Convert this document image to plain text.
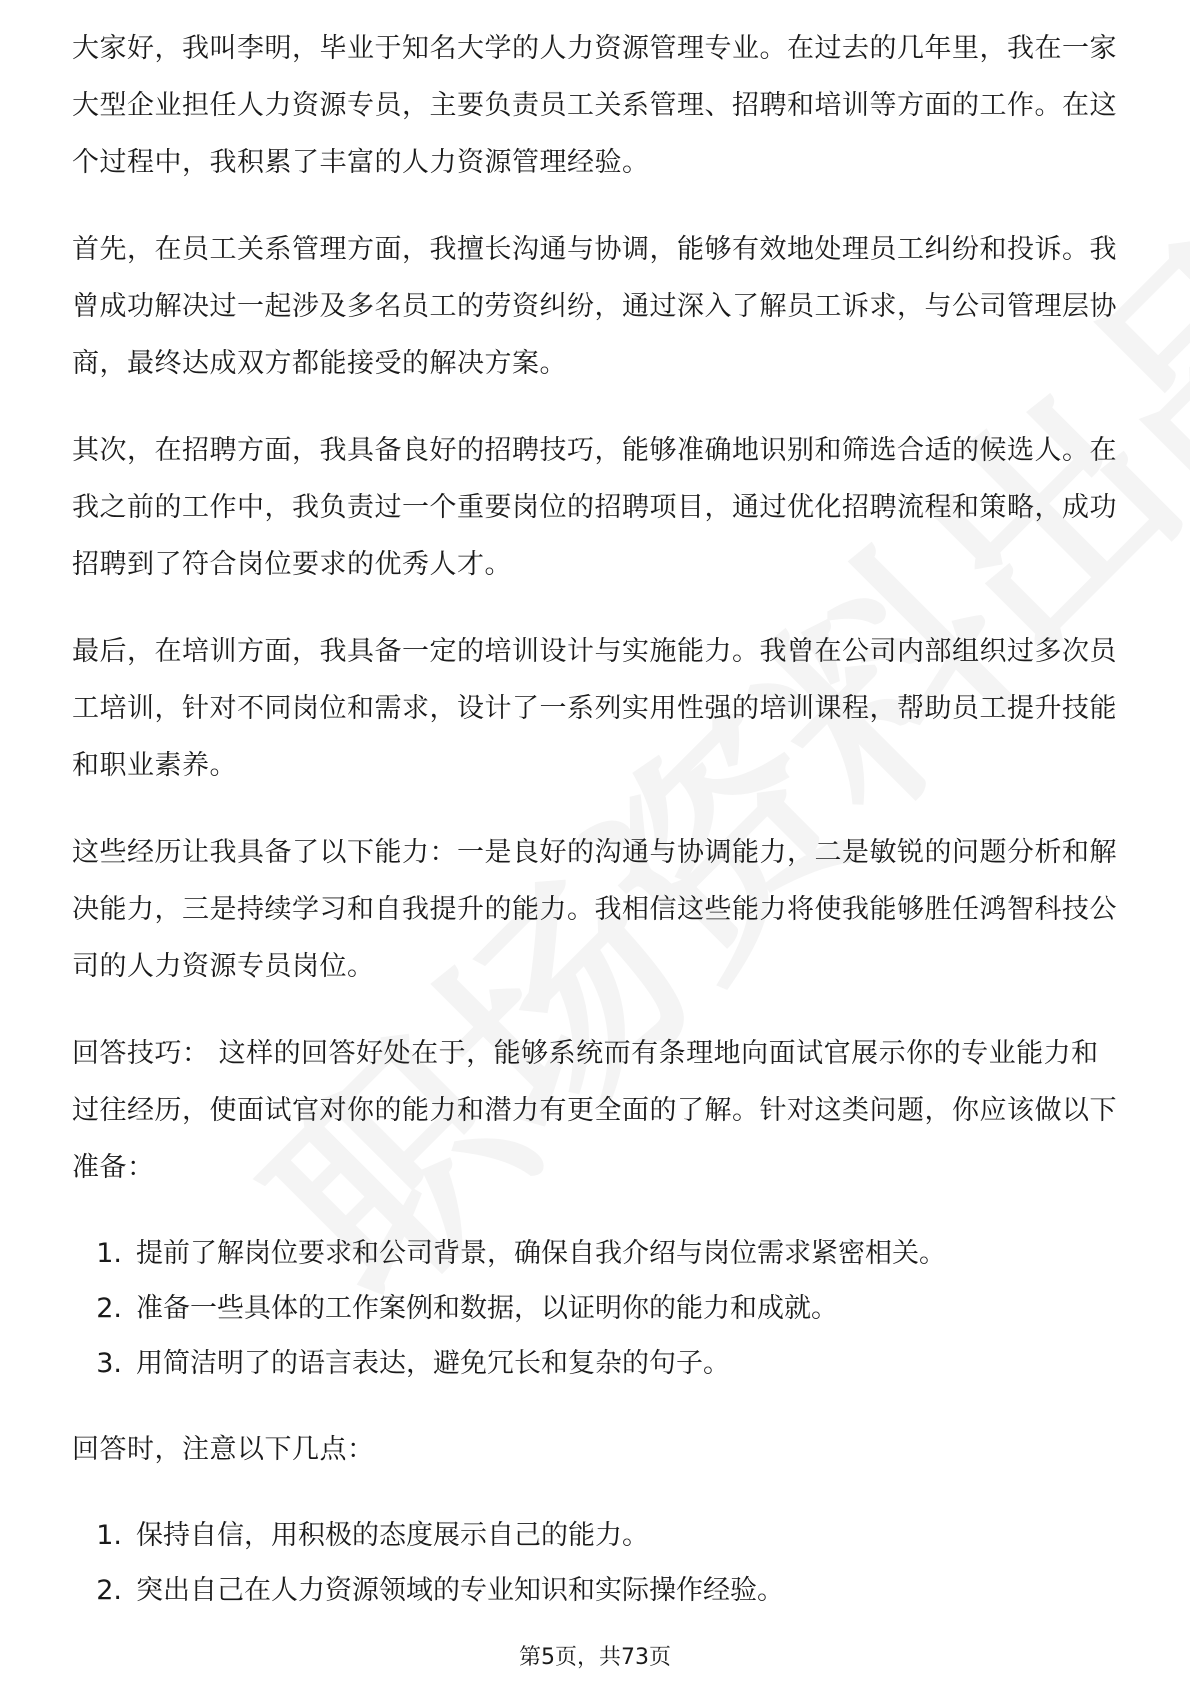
大家好，我叫李明，毕业于知名大学的人力资源管理专业。在过去的几年里，我在一家大型企业担任人力资源专员，主要负责员工关系管理、招聘和培训等方面的工作。在这个过程中，我积累了丰富的人力资源管理经验。

首先，在员工关系管理方面，我擅长沟通与协调，能够有效地处理员工纠纷和投诉。我曾成功解决过一起涉及多名员工的劳资纠纷，通过深入了解员工诉求，与公司管理层协商，最终达成双方都能接受的解决方案。

其次，在招聘方面，我具备良好的招聘技巧，能够准确地识别和筛选合适的候选人。在我之前的工作中，我负责过一个重要岗位的招聘项目，通过优化招聘流程和策略，成功招聘到了符合岗位要求的优秀人才。

最后，在培训方面，我具备一定的培训设计与实施能力。我曾在公司内部组织过多次员工培训，针对不同岗位和需求，设计了一系列实用性强的培训课程，帮助员工提升技能和职业素养。

这些经历让我具备了以下能力：一是良好的沟通与协调能力，二是敏锐的问题分析和解决能力，三是持续学习和自我提升的能力。我相信这些能力将使我能够胜任鸿智科技公司的人力资源专员岗位。

回答技巧： 这样的回答好处在于，能够系统而有条理地向面试官展示你的专业能力和过往经历，使面试官对你的能力和潜力有更全面的了解。针对这类问题，你应该做以下准备：

1. 提前了解岗位要求和公司背景，确保自我介绍与岗位需求紧密相关。
2. 准备一些具体的工作案例和数据，以证明你的能力和成就。
3. 用简洁明了的语言表达，避免冗长和复杂的句子。

回答时，注意以下几点：

1. 保持自信，用积极的态度展示自己的能力。
2. 突出自己在人力资源领域的专业知识和实际操作经验。
第5页，共73页
